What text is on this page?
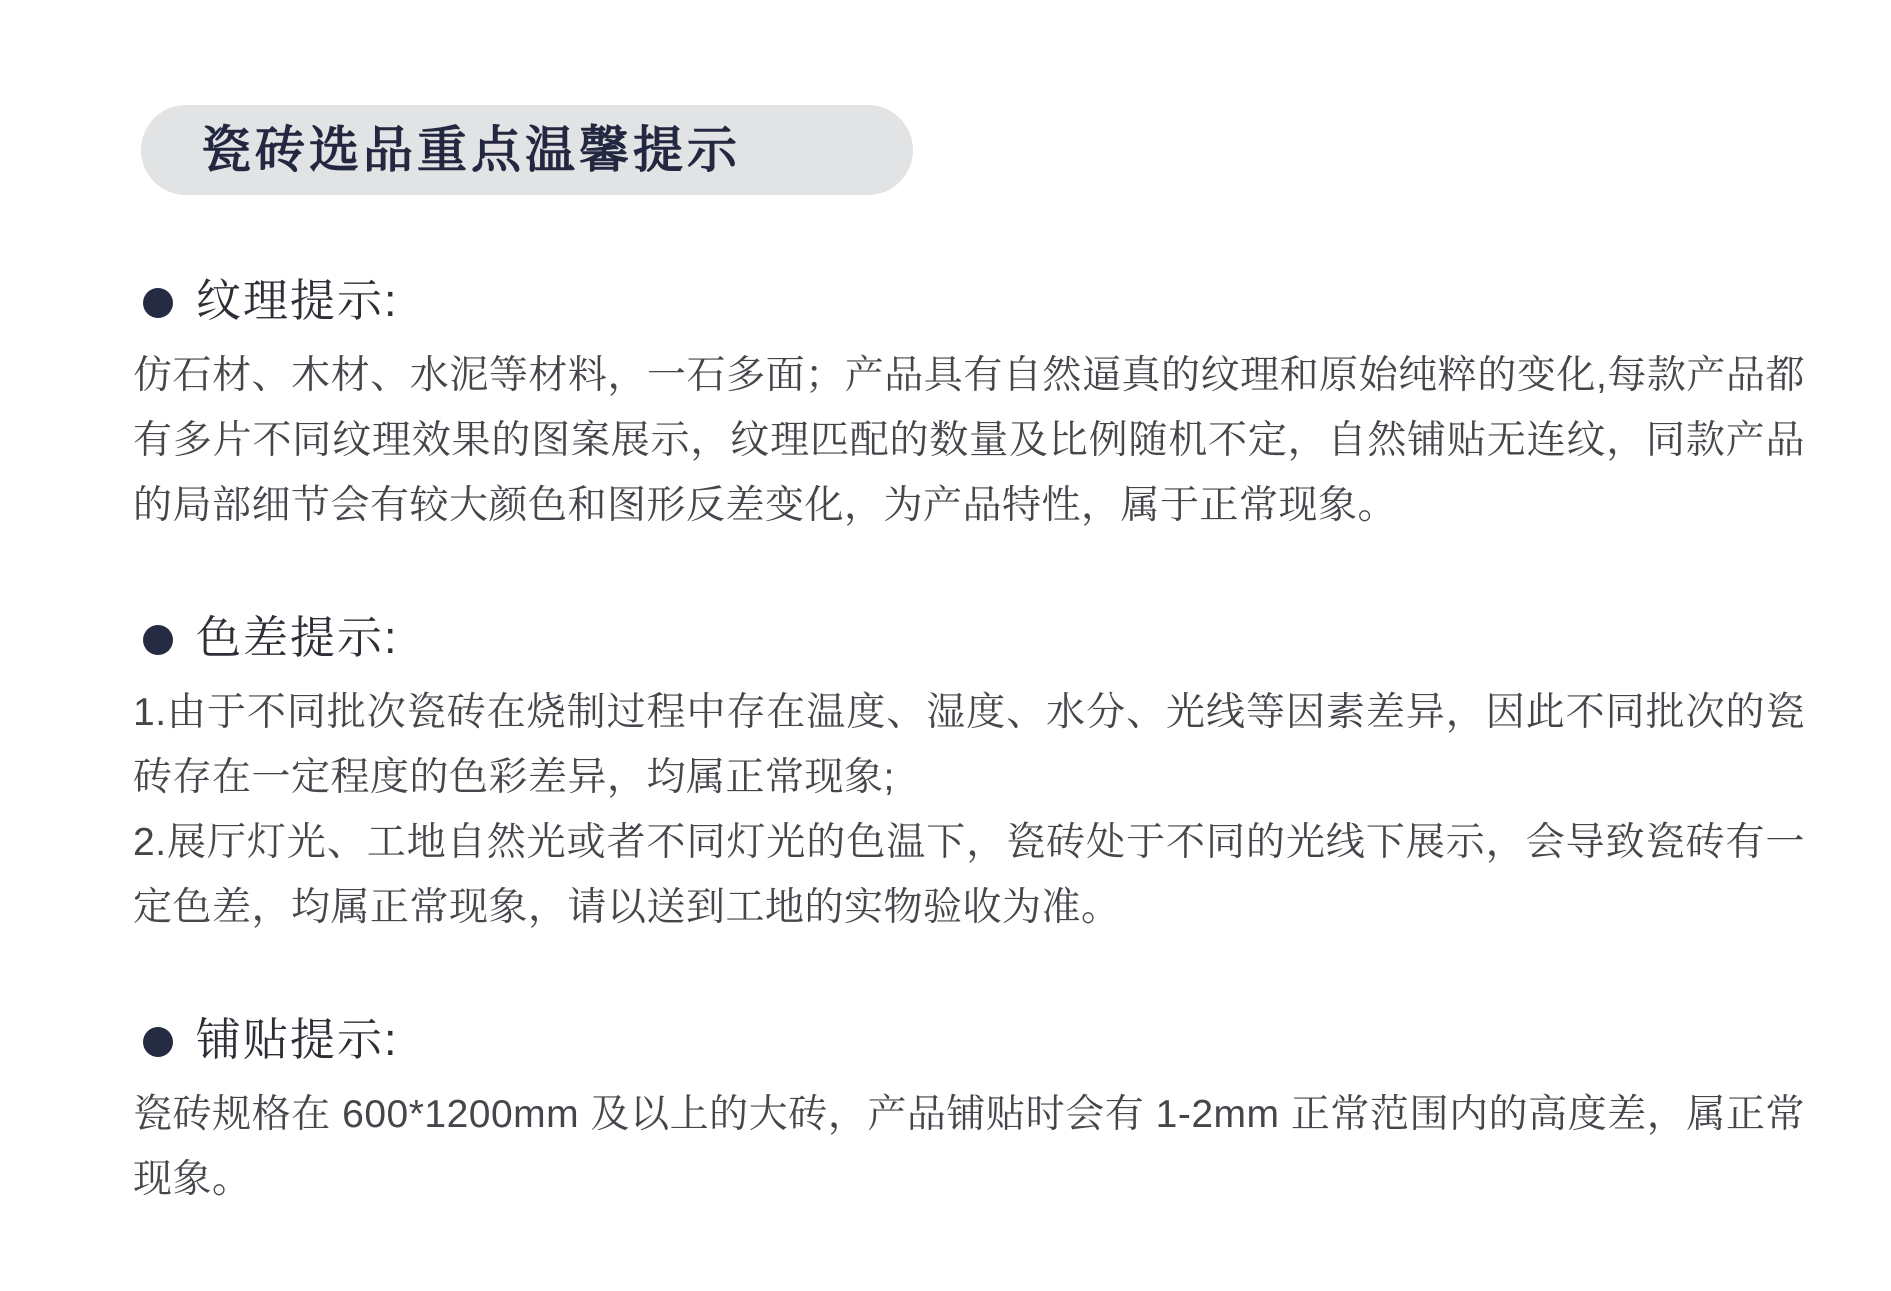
瓷砖选品重点温馨提示
纹理提示:

仿石材、木材、水泥等材料，一石多面；产品具有自然逼真的纹理和原始纯粹的变化,每款产品都有多片不同纹理效果的图案展示，纹理匹配的数量及比例随机不定，自然铺贴无连纹，同款产品的局部细节会有较大颜色和图形反差变化，为产品特性，属于正常现象。

色差提示:

1.由于不同批次瓷砖在烧制过程中存在温度、湿度、水分、光线等因素差异，因此不同批次的瓷砖存在一定程度的色彩差异，均属正常现象;

2.展厅灯光、工地自然光或者不同灯光的色温下，瓷砖处于不同的光线下展示，会导致瓷砖有一定色差，均属正常现象，请以送到工地的实物验收为准。

铺贴提示:

瓷砖规格在 600*1200mm 及以上的大砖，产品铺贴时会有 1-2mm 正常范围内的高度差，属正常现象。
